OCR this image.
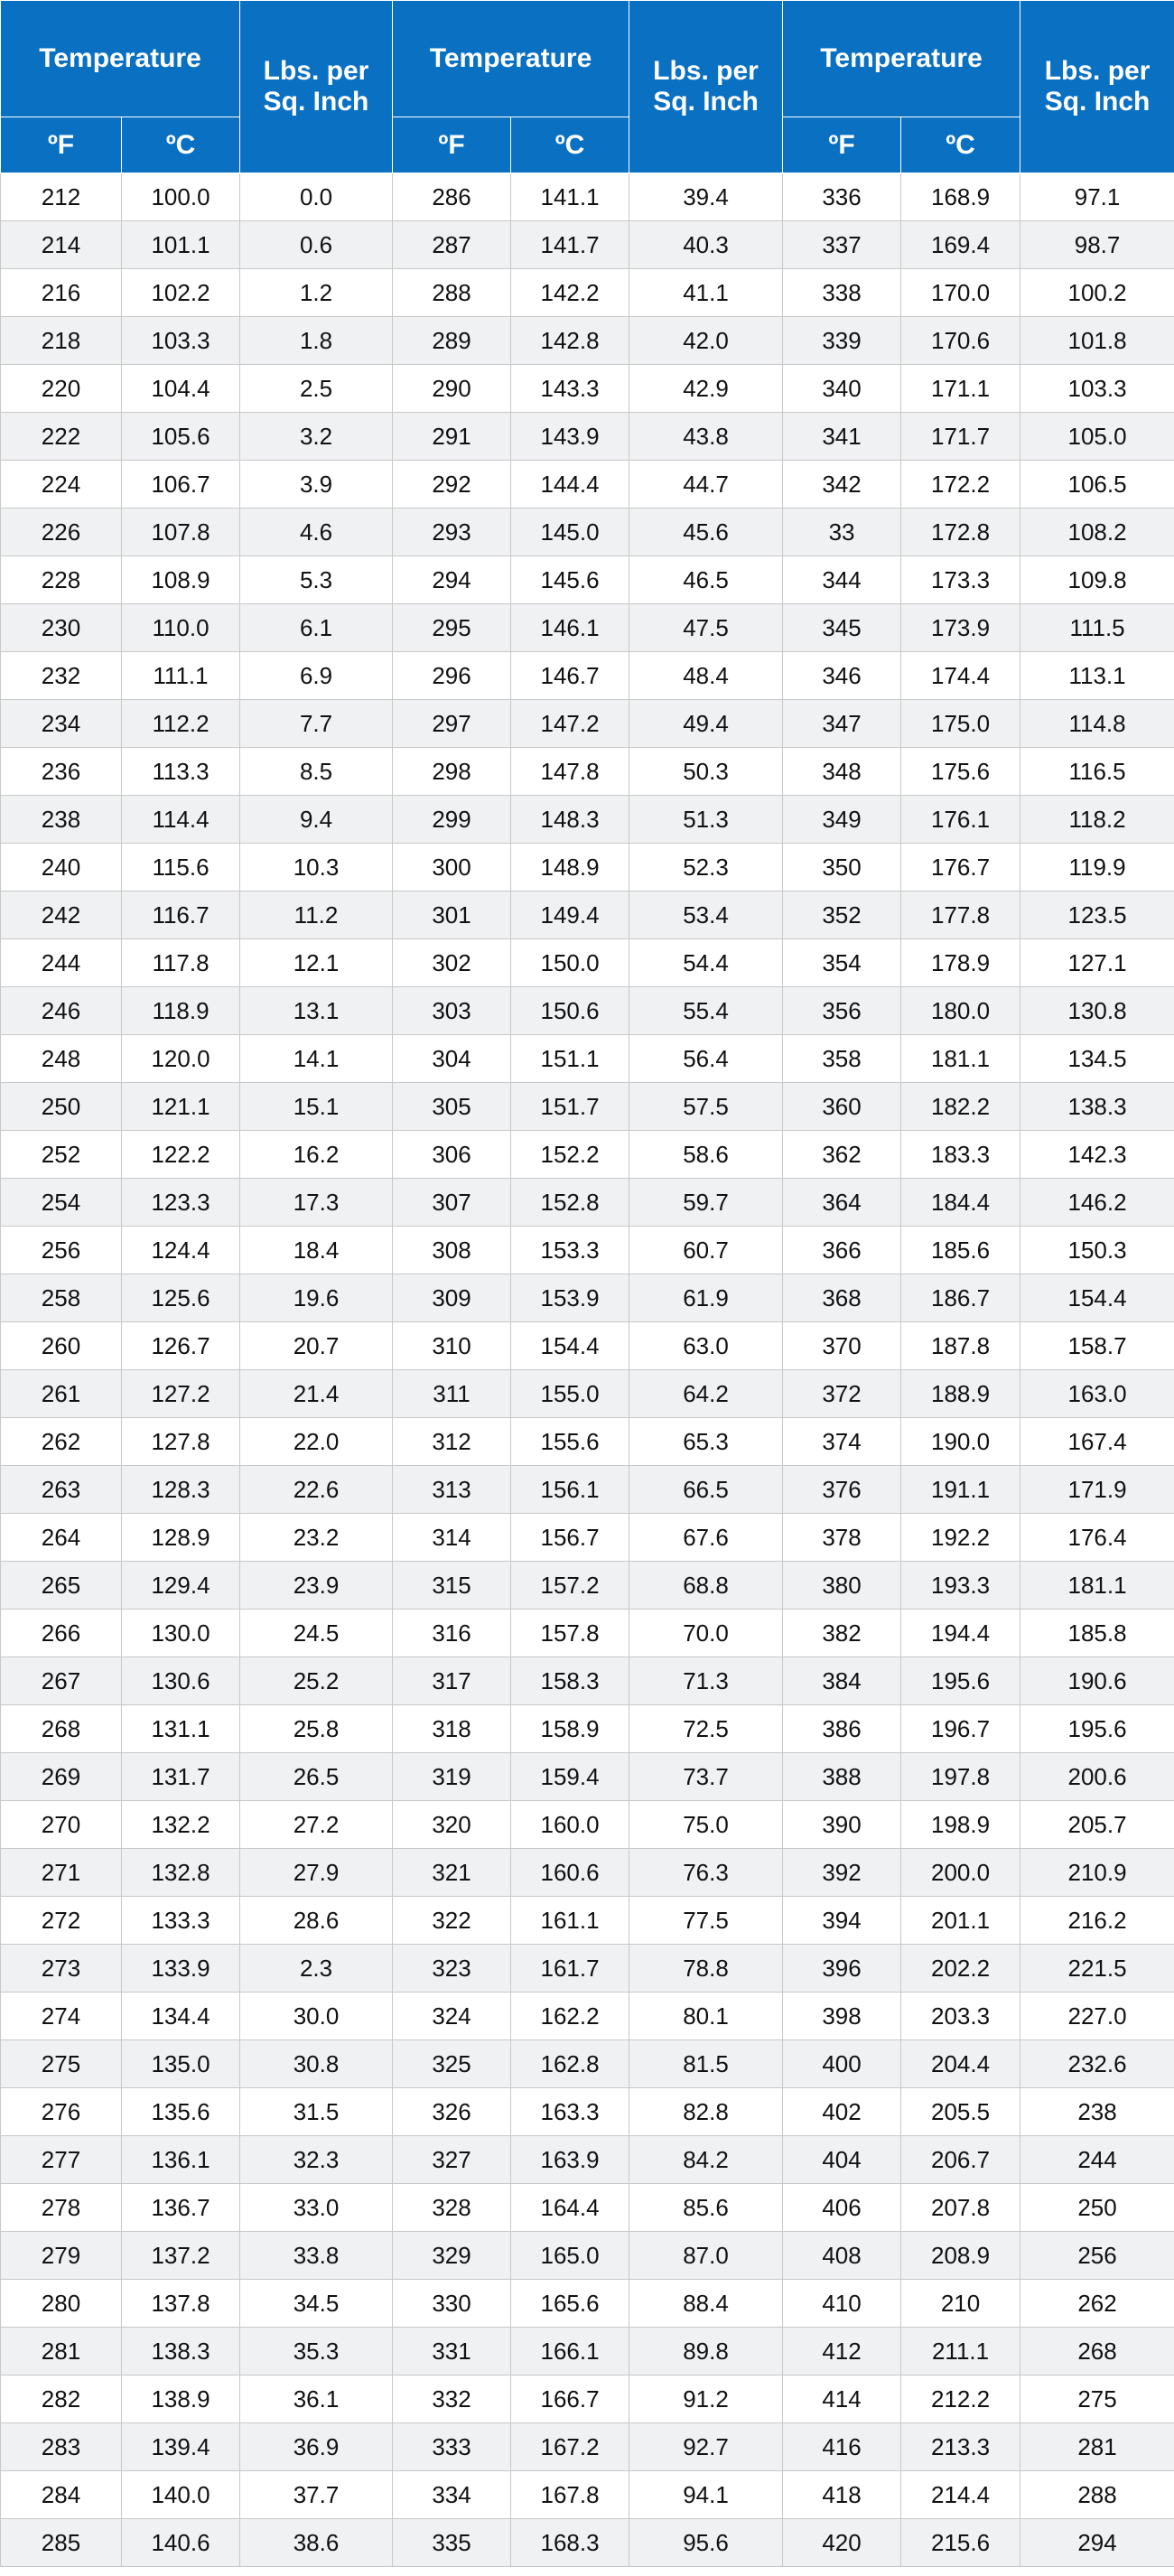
Temperature		Lbs. per
Sq. Inch	Temperature		Lbs. per
Sq. Inch	Temperature		Lbs. per
Sq. Inch
ºF	ºC		ºF	ºC		ºF	ºC	
212	100.0	0.0	286	141.1	39.4	336	168.9	97.1
214	101.1	0.6	287	141.7	40.3	337	169.4	98.7
216	102.2	1.2	288	142.2	41.1	338	170.0	100.2
218	103.3	1.8	289	142.8	42.0	339	170.6	101.8
220	104.4	2.5	290	143.3	42.9	340	171.1	103.3
222	105.6	3.2	291	143.9	43.8	341	171.7	105.0
224	106.7	3.9	292	144.4	44.7	342	172.2	106.5
226	107.8	4.6	293	145.0	45.6	33	172.8	108.2
228	108.9	5.3	294	145.6	46.5	344	173.3	109.8
230	110.0	6.1	295	146.1	47.5	345	173.9	111.5
232	111.1	6.9	296	146.7	48.4	346	174.4	113.1
234	112.2	7.7	297	147.2	49.4	347	175.0	114.8
236	113.3	8.5	298	147.8	50.3	348	175.6	116.5
238	114.4	9.4	299	148.3	51.3	349	176.1	118.2
240	115.6	10.3	300	148.9	52.3	350	176.7	119.9
242	116.7	11.2	301	149.4	53.4	352	177.8	123.5
244	117.8	12.1	302	150.0	54.4	354	178.9	127.1
246	118.9	13.1	303	150.6	55.4	356	180.0	130.8
248	120.0	14.1	304	151.1	56.4	358	181.1	134.5
250	121.1	15.1	305	151.7	57.5	360	182.2	138.3
252	122.2	16.2	306	152.2	58.6	362	183.3	142.3
254	123.3	17.3	307	152.8	59.7	364	184.4	146.2
256	124.4	18.4	308	153.3	60.7	366	185.6	150.3
258	125.6	19.6	309	153.9	61.9	368	186.7	154.4
260	126.7	20.7	310	154.4	63.0	370	187.8	158.7
261	127.2	21.4	311	155.0	64.2	372	188.9	163.0
262	127.8	22.0	312	155.6	65.3	374	190.0	167.4
263	128.3	22.6	313	156.1	66.5	376	191.1	171.9
264	128.9	23.2	314	156.7	67.6	378	192.2	176.4
265	129.4	23.9	315	157.2	68.8	380	193.3	181.1
266	130.0	24.5	316	157.8	70.0	382	194.4	185.8
267	130.6	25.2	317	158.3	71.3	384	195.6	190.6
268	131.1	25.8	318	158.9	72.5	386	196.7	195.6
269	131.7	26.5	319	159.4	73.7	388	197.8	200.6
270	132.2	27.2	320	160.0	75.0	390	198.9	205.7
271	132.8	27.9	321	160.6	76.3	392	200.0	210.9
272	133.3	28.6	322	161.1	77.5	394	201.1	216.2
273	133.9	2.3	323	161.7	78.8	396	202.2	221.5
274	134.4	30.0	324	162.2	80.1	398	203.3	227.0
275	135.0	30.8	325	162.8	81.5	400	204.4	232.6
276	135.6	31.5	326	163.3	82.8	402	205.5	238
277	136.1	32.3	327	163.9	84.2	404	206.7	244
278	136.7	33.0	328	164.4	85.6	406	207.8	250
279	137.2	33.8	329	165.0	87.0	408	208.9	256
280	137.8	34.5	330	165.6	88.4	410	210	262
281	138.3	35.3	331	166.1	89.8	412	211.1	268
282	138.9	36.1	332	166.7	91.2	414	212.2	275
283	139.4	36.9	333	167.2	92.7	416	213.3	281
284	140.0	37.7	334	167.8	94.1	418	214.4	288
285	140.6	38.6	335	168.3	95.6	420	215.6	294
